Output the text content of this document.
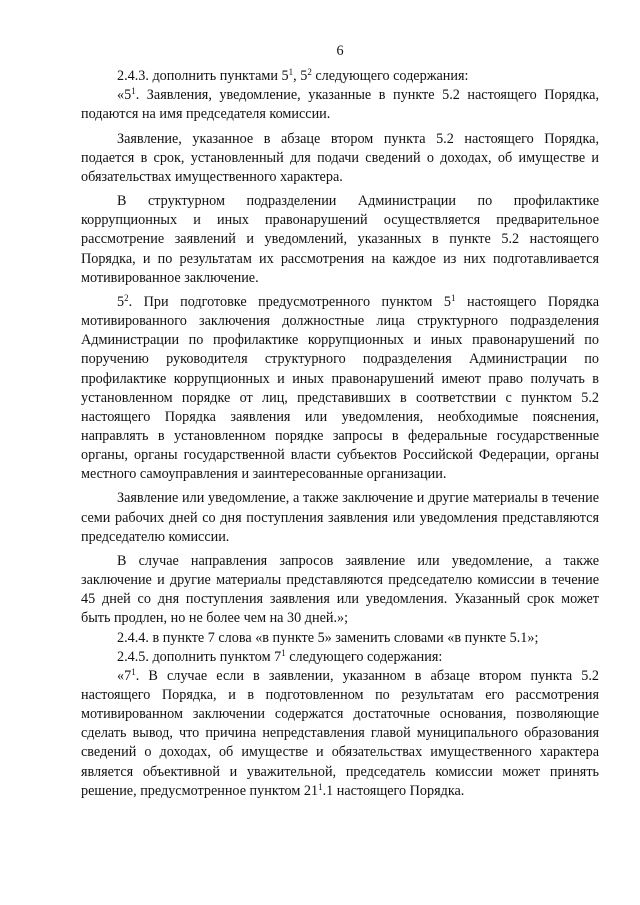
6

2.4.3. дополнить пунктами $5^1$, $5^2$ следующего содержания:

«$5^1$. Заявления, уведомление, указанные в пункте 5.2 настоящего Порядка, подаются на имя председателя комиссии.

Заявление, указанное в абзаце втором пункта 5.2 настоящего Порядка, подается в срок, установленный для подачи сведений о доходах, об имуществе и обязательствах имущественного характера.

В структурном подразделении Администрации по профилактике коррупционных и иных правонарушений осуществляется предварительное рассмотрение заявлений и уведомлений, указанных в пункте 5.2 настоящего Порядка, и по результатам их рассмотрения на каждое из них подготавливается мотивированное заключение.

$5^2$. При подготовке предусмотренного пунктом $5^1$ настоящего Порядка мотивированного заключения должностные лица структурного подразделения Администрации по профилактике коррупционных и иных правонарушений по поручению руководителя структурного подразделения Администрации по профилактике коррупционных и иных правонарушений имеют право получать в установленном порядке от лиц, представивших в соответствии с пунктом 5.2 настоящего Порядка заявления или уведомления, необходимые пояснения, направлять в установленном порядке запросы в федеральные государственные органы, органы государственной власти субъектов Российской Федерации, органы местного самоуправления и заинтересованные организации.

Заявление или уведомление, а также заключение и другие материалы в течение семи рабочих дней со дня поступления заявления или уведомления представляются председателю комиссии.

В случае направления запросов заявление или уведомление, а также заключение и другие материалы представляются председателю комиссии в течение 45 дней со дня поступления заявления или уведомления. Указанный срок может быть продлен, но не более чем на 30 дней.»;

2.4.4. в пункте 7 слова «в пункте 5» заменить словами «в пункте 5.1»;

2.4.5. дополнить пунктом $7^1$ следующего содержания:

«$7^1$. В случае если в заявлении, указанном в абзаце втором пункта 5.2 настоящего Порядка, и в подготовленном по результатам его рассмотрения мотивированном заключении содержатся достаточные основания, позволяющие сделать вывод, что причина непредставления главой муниципального образования сведений о доходах, об имуществе и обязательствах имущественного характера является объективной и уважительной, председатель комиссии может принять решение, предусмотренное пунктом $21^1.1$ настоящего Порядка.
